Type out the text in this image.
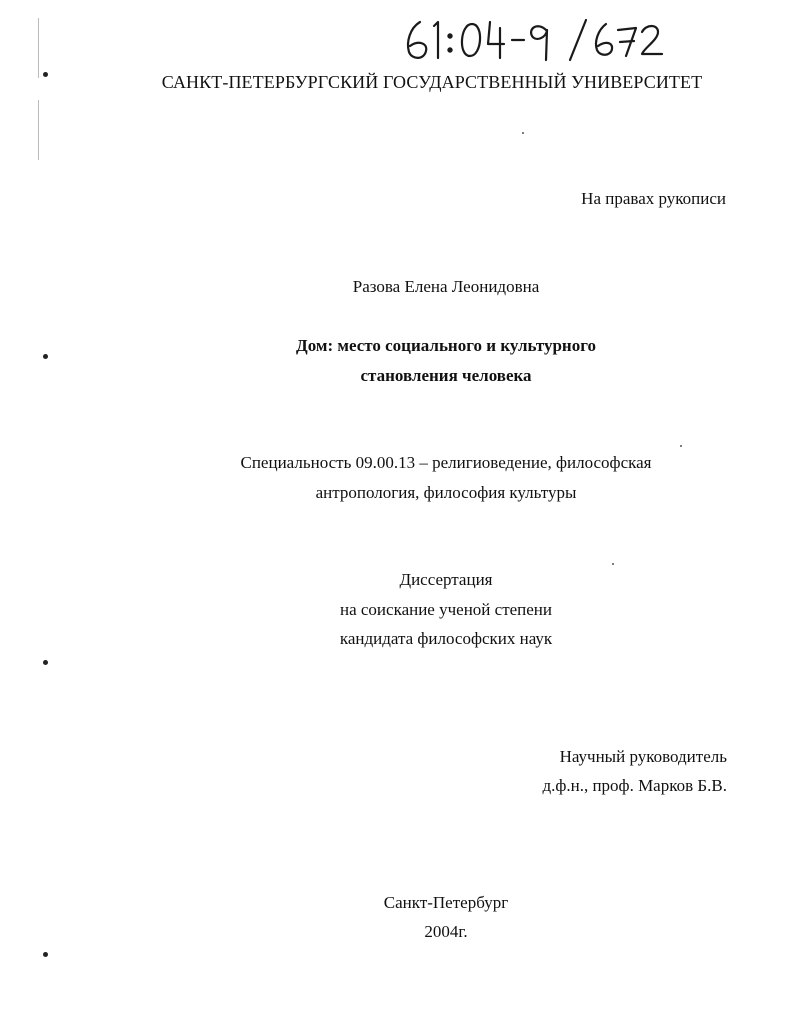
САНКТ-ПЕТЕРБУРГСКИЙ ГОСУДАРСТВЕННЫЙ УНИВЕРСИТЕТ
На правах рукописи
Разова Елена Леонидовна
Дом: место социального и культурного
становления человека
Специальность 09.00.13 – религиоведение, философская
антропология, философия культуры
Диссертация
на соискание ученой степени
кандидата философских наук
Научный руководитель
д.ф.н., проф. Марков Б.В.
Санкт-Петербург
2004г.
